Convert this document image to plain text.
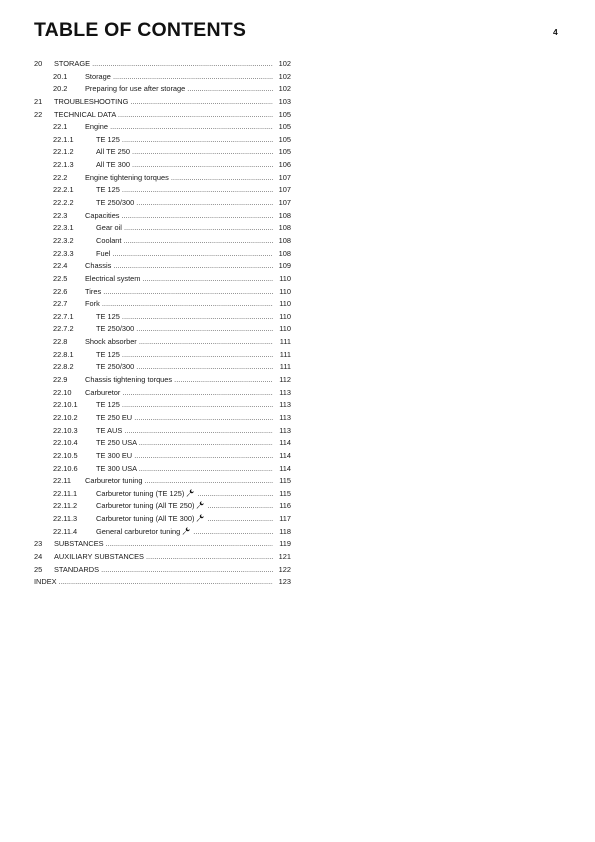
TABLE OF CONTENTS	4
20 STORAGE .....	102
20.1 Storage .....	102
20.2 Preparing for use after storage .....	102
21 TROUBLESHOOTING .....	103
22 TECHNICAL DATA .....	105
22.1 Engine .....	105
22.1.1	TE 125 .....	105
22.1.2	All TE 250 .....	105
22.1.3	All TE 300 .....	106
22.2 Engine tightening torques .....	107
22.2.1	TE 125 .....	107
22.2.2	TE 250/300 .....	107
22.3 Capacities .....	108
22.3.1	Gear oil .....	108
22.3.2	Coolant .....	108
22.3.3	Fuel .....	108
22.4 Chassis .....	109
22.5 Electrical system .....	110
22.6 Tires .....	110
22.7 Fork .....	110
22.7.1	TE 125 .....	110
22.7.2	TE 250/300 .....	110
22.8 Shock absorber .....	111
22.8.1	TE 125 .....	111
22.8.2	TE 250/300 .....	111
22.9 Chassis tightening torques .....	112
22.10 Carburetor .....	113
22.10.1 TE 125 .....	113
22.10.2 TE 250 EU .....	113
22.10.3 TE AUS .....	113
22.10.4 TE 250 USA .....	114
22.10.5 TE 300 EU .....	114
22.10.6 TE 300 USA .....	114
22.11 Carburetor tuning .....	115
22.11.1	Carburetor tuning (TE 125) .....	115
22.11.2	Carburetor tuning (All TE 250) .....	116
22.11.3	Carburetor tuning (All TE 300) .....	117
22.11.4	General carburetor tuning .....	118
23 SUBSTANCES .....	119
24 AUXILIARY SUBSTANCES .....	121
25 STANDARDS .....	122
INDEX .....	123
